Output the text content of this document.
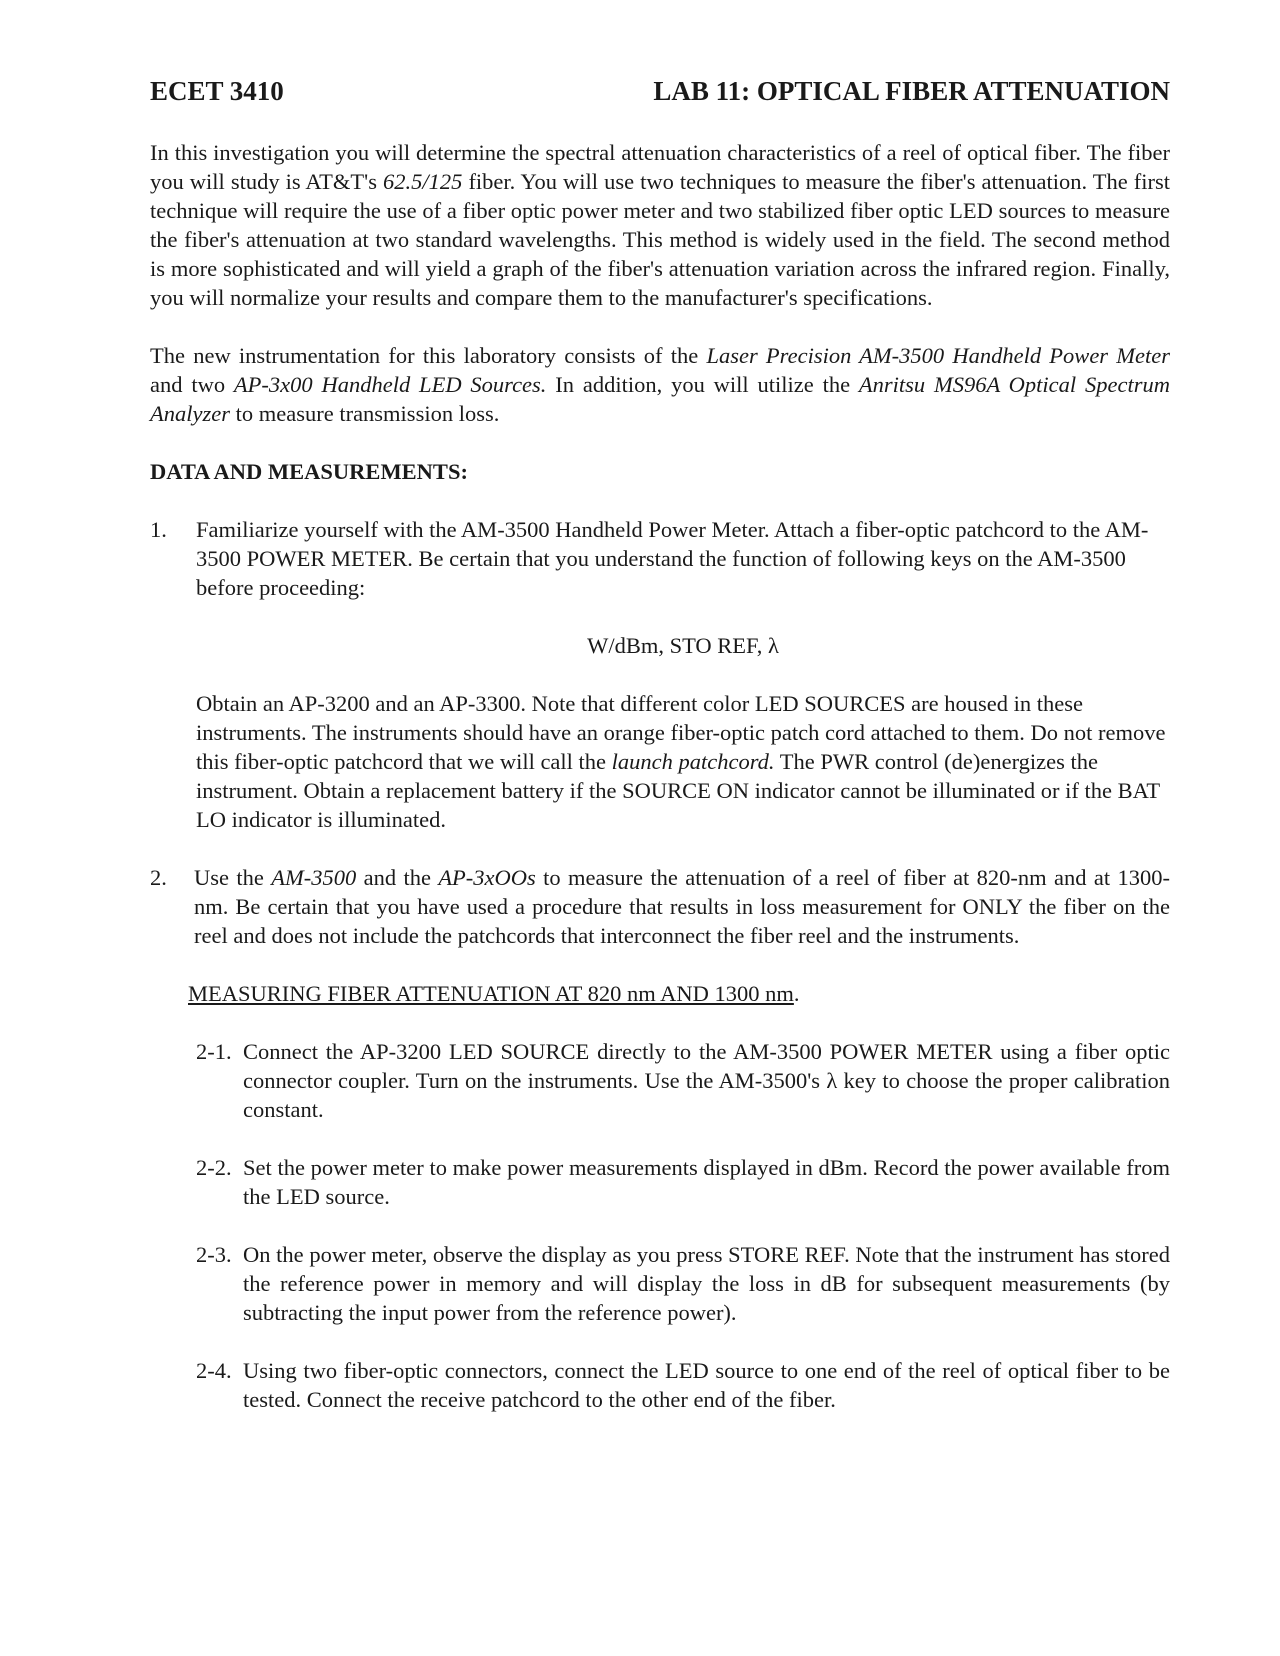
ECET 3410	LAB 11: OPTICAL FIBER ATTENUATION

In this investigation you will determine the spectral attenuation characteristics of a reel of optical fiber. The fiber you will study is AT&T's 62.5/125 fiber. You will use two techniques to measure the fiber's attenuation. The first technique will require the use of a fiber optic power meter and two stabilized fiber optic LED sources to measure the fiber's attenuation at two standard wavelengths. This method is widely used in the field. The second method is more sophisticated and will yield a graph of the fiber's attenuation variation across the infrared region. Finally, you will normalize your results and compare them to the manufacturer's specifications.

The new instrumentation for this laboratory consists of the Laser Precision AM-3500 Handheld Power Meter and two AP-3x00 Handheld LED Sources. In addition, you will utilize the Anritsu MS96A Optical Spectrum Analyzer to measure transmission loss.

DATA AND MEASUREMENTS:
1.	Familiarize yourself with the AM-3500 Handheld Power Meter. Attach a fiber-optic patchcord to the AM-3500 POWER METER. Be certain that you understand the function of following keys on the AM-3500 before proceeding:

W/dBm, STO REF, λ

Obtain an AP-3200 and an AP-3300. Note that different color LED SOURCES are housed in these instruments. The instruments should have an orange fiber-optic patch cord attached to them. Do not remove this fiber-optic patchcord that we will call the launch patchcord. The PWR control (de)energizes the instrument. Obtain a replacement battery if the SOURCE ON indicator cannot be illuminated or if the BAT LO indicator is illuminated.

2.	Use the AM-3500 and the AP-3xOOs to measure the attenuation of a reel of fiber at 820-nm and at 1300-nm. Be certain that you have used a procedure that results in loss measurement for ONLY the fiber on the reel and does not include the patchcords that interconnect the fiber reel and the instruments.

MEASURING FIBER ATTENUATION AT 820 nm AND 1300 nm.
2-1. Connect the AP-3200 LED SOURCE directly to the AM-3500 POWER METER using a fiber optic connector coupler. Turn on the instruments. Use the AM-3500's λ key to choose the proper calibration constant.
2-2. Set the power meter to make power measurements displayed in dBm. Record the power available from the LED source.
2-3. On the power meter, observe the display as you press STORE REF. Note that the instrument has stored the reference power in memory and will display the loss in dB for subsequent measurements (by subtracting the input power from the reference power).
2-4. Using two fiber-optic connectors, connect the LED source to one end of the reel of optical fiber to be tested. Connect the receive patchcord to the other end of the fiber.
